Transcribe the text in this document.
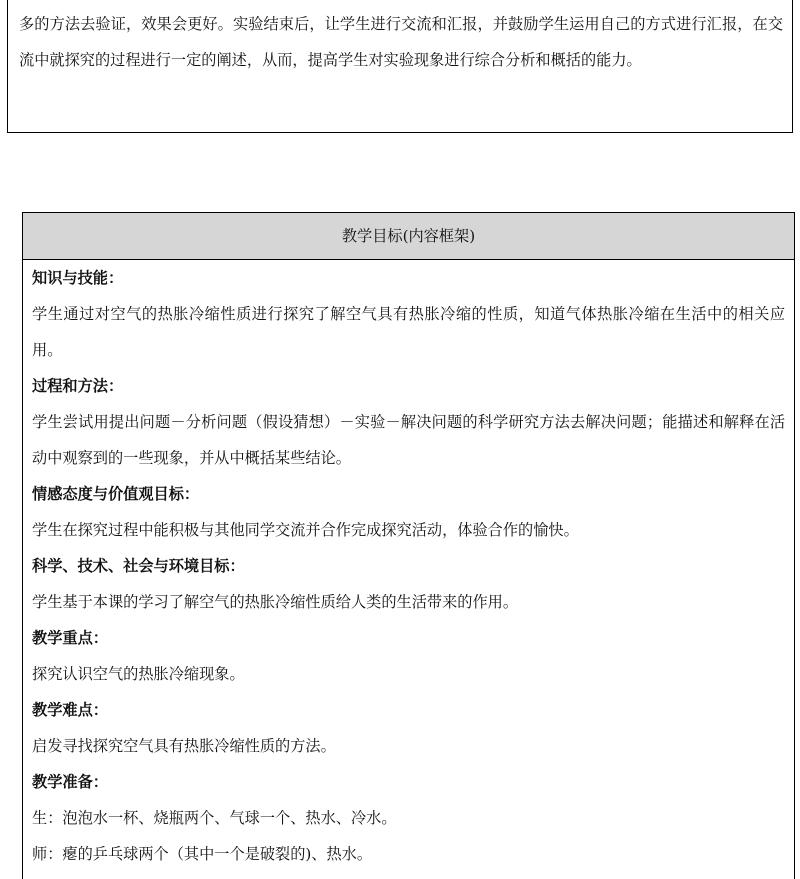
多的方法去验证，效果会更好。实验结束后，让学生进行交流和汇报，并鼓励学生运用自己的方式进行汇报，在交流中就探究的过程进行一定的阐述，从而，提高学生对实验现象进行综合分析和概括的能力。

教学目标(内容框架)
知识与技能：
学生通过对空气的热胀冷缩性质进行探究了解空气具有热胀冷缩的性质，知道气体热胀冷缩在生活中的相关应用。
过程和方法：
学生尝试用提出问题－分析问题（假设猜想）－实验－解决问题的科学研究方法去解决问题；能描述和解释在活动中观察到的一些现象，并从中概括某些结论。
情感态度与价值观目标：
学生在探究过程中能积极与其他同学交流并合作完成探究活动，体验合作的愉快。
科学、技术、社会与环境目标：
学生基于本课的学习了解空气的热胀冷缩性质给人类的生活带来的作用。
教学重点：
探究认识空气的热胀冷缩现象。
教学难点：
启发寻找探究空气具有热胀冷缩性质的方法。
教学准备：
生：泡泡水一杯、烧瓶两个、气球一个、热水、冷水。
师：瘪的乒乓球两个（其中一个是破裂的)、热水。
